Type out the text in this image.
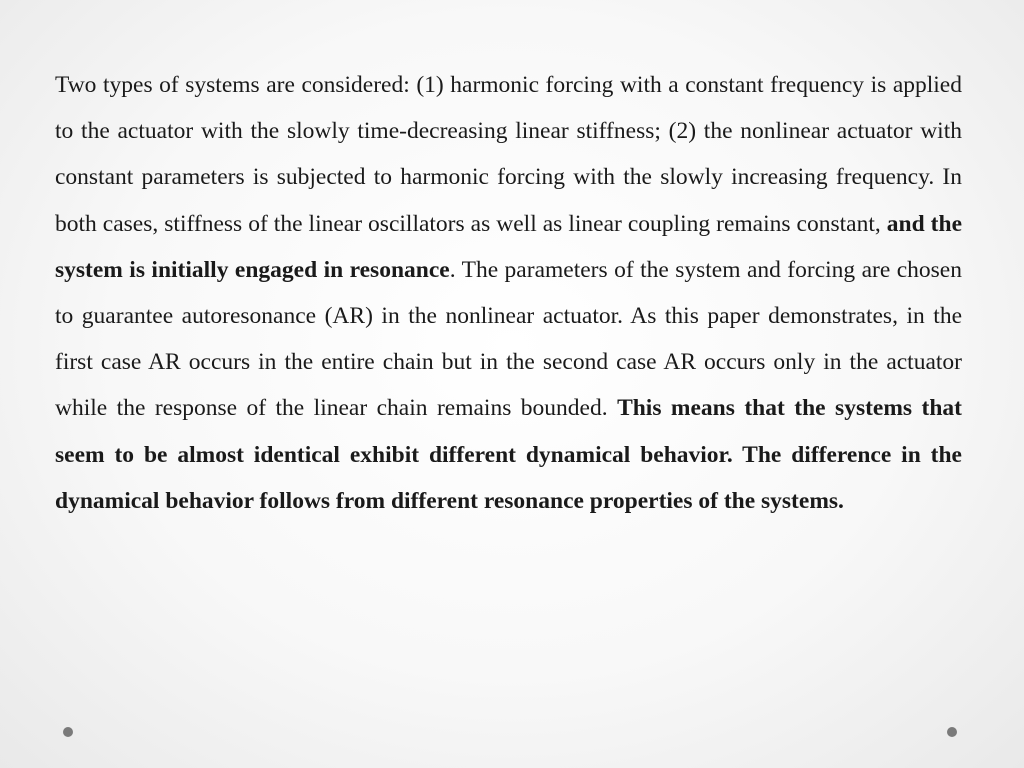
Two types of systems are considered: (1) harmonic forcing with a constant frequency is applied to the actuator with the slowly time-decreasing linear stiffness; (2) the nonlinear actuator with constant parameters is subjected to harmonic forcing with the slowly increasing frequency. In both cases, stiffness of the linear oscillators as well as linear coupling remains constant, and the system is initially engaged in resonance. The parameters of the system and forcing are chosen to guarantee autoresonance (AR) in the nonlinear actuator. As this paper demonstrates, in the first case AR occurs in the entire chain but in the second case AR occurs only in the actuator while the response of the linear chain remains bounded. This means that the systems that seem to be almost identical exhibit different dynamical behavior. The difference in the dynamical behavior follows from different resonance properties of the systems.
